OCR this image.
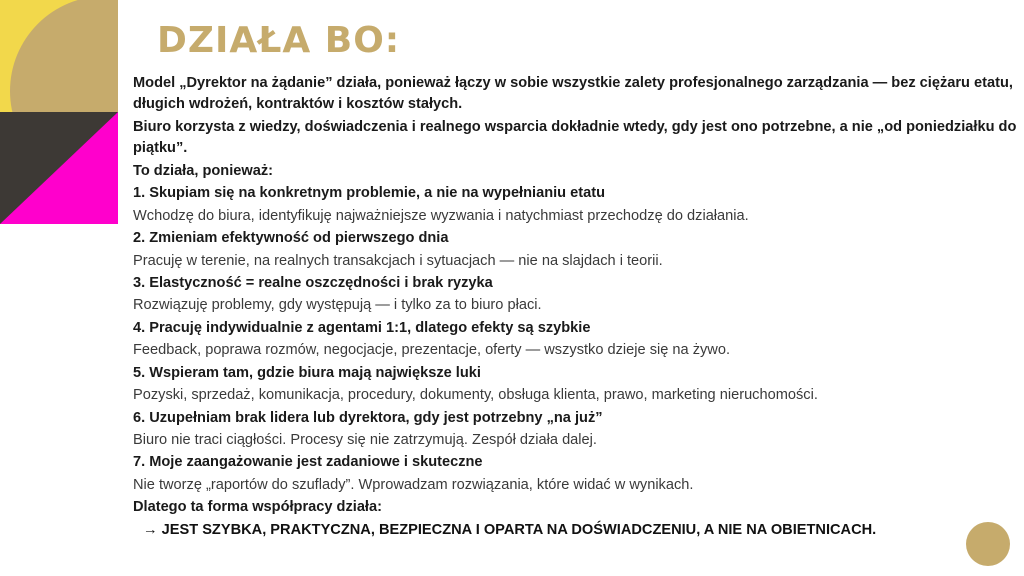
DZIAŁA BO:

Model „Dyrektor na żądanie” działa, ponieważ łączy w sobie wszystkie zalety profesjonalnego zarządzania — bez ciężaru etatu, długich wdrożeń, kontraktów i kosztów stałych.

Biuro korzysta z wiedzy, doświadczenia i realnego wsparcia dokładnie wtedy, gdy jest ono potrzebne, a nie „od poniedziałku do piątku”.

To działa, ponieważ:

1. Skupiam się na konkretnym problemie, a nie na wypełnianiu etatu

Wchodzę do biura, identyfikuję najważniejsze wyzwania i natychmiast przechodzę do działania.

2. Zmieniam efektywność od pierwszego dnia

Pracuję w terenie, na realnych transakcjach i sytuacjach — nie na slajdach i teorii.

3. Elastyczność = realne oszczędności i brak ryzyka

Rozwiązuję problemy, gdy występują — i tylko za to biuro płaci.

4. Pracuję indywidualnie z agentami 1:1, dlatego efekty są szybkie

Feedback, poprawa rozmów, negocjacje, prezentacje, oferty — wszystko dzieje się na żywo.

5. Wspieram tam, gdzie biura mają największe luki

Pozyski, sprzedaż, komunikacja, procedury, dokumenty, obsługa klienta, prawo, marketing nieruchomości.

6. Uzupełniam brak lidera lub dyrektora, gdy jest potrzebny „na już”

Biuro nie traci ciągłości. Procesy się nie zatrzymują. Zespół działa dalej.

7. Moje zaangażowanie jest zadaniowe i skuteczne

Nie tworzę „raportów do szuflady”. Wprowadzam rozwiązania, które widać w wynikach.

Dlatego ta forma współpracy działa:

→ JEST SZYBKA, PRAKTYCZNA, BEZPIECZNA I OPARTA NA DOŚWIADCZENIU, A NIE NA OBIETNICACH.
